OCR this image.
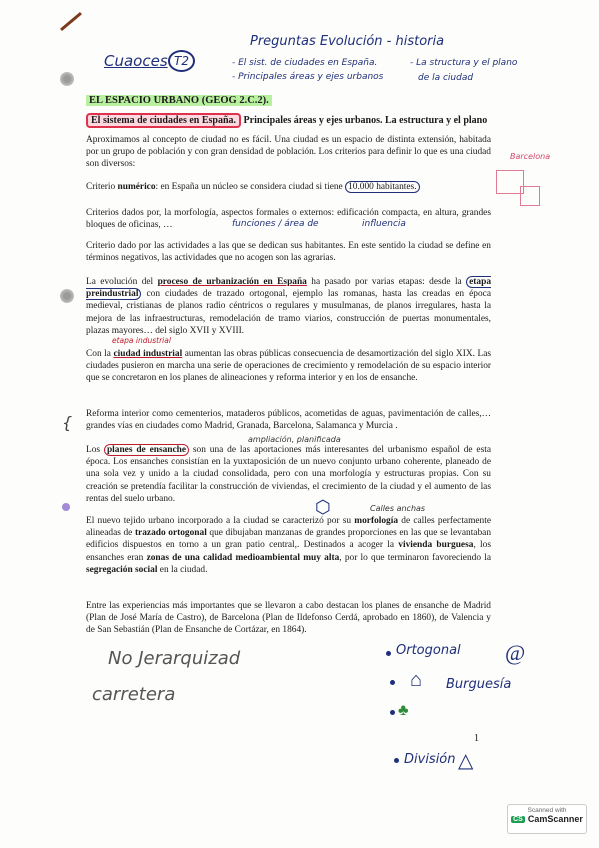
Cuaoces T2
Preguntas Evolución - historia
- El sist. de ciudades en España.	- La structura y el plano
- Principales áreas y ejes urbanos	de la ciudad
EL ESPACIO URBANO (GEOG 2.C.2).
El sistema de ciudades en España. Principales áreas y ejes urbanos. La estructura y el plano
Aproximamos al concepto de ciudad no es fácil. Una ciudad es un espacio de distinta extensión, habitada por un grupo de población y con gran densidad de población. Los criterios para definir lo que es una ciudad son diversos:
Criterio numérico: en España un núcleo se considera ciudad si tiene 10.000 habitantes.
Criterios dados por, la morfología, aspectos formales o externos: edificación compacta, en altura, grandes bloques de oficinas, …
Criterio dado por las actividades a las que se dedican sus habitantes. En este sentido la ciudad se define en términos negativos, las actividades que no acogen son las agrarias.
La evolución del proceso de urbanización en España ha pasado por varias etapas: desde la etapa preindustrial con ciudades de trazado ortogonal, ejemplo las romanas, hasta las creadas en época medieval, cristianas de planos radio céntricos o regulares y musulmanas, de planos irregulares, hasta la mejora de las infraestructuras, remodelación de tramo viarios, construcción de puertas monumentales, plazas mayores… del siglo XVII y XVIII.
Con la ciudad industrial aumentan las obras públicas consecuencia de desamortización del siglo XIX. Las ciudades pusieron en marcha una serie de operaciones de crecimiento y remodelación de su espacio interior que se concretaron en los planes de alineaciones y reforma interior y en los de ensanche.
Reforma interior como cementerios, mataderos públicos, acometidas de aguas, pavimentación de calles,… grandes vías en ciudades como Madrid, Granada, Barcelona, Salamanca y Murcia .
Los planes de ensanche son una de las aportaciones más interesantes del urbanismo español de esta época. Los ensanches consistían en la yuxtaposición de un nuevo conjunto urbano coherente, planeado de una sola vez y unido a la ciudad consolidada, pero con una morfología y estructuras propias. Con su creación se pretendía facilitar la construcción de viviendas, el crecimiento de la ciudad y el aumento de las rentas del suelo urbano.
El nuevo tejido urbano incorporado a la ciudad se caracterizó por su morfología de calles perfectamente alineadas de trazado ortogonal que dibujaban manzanas de grandes proporciones en las que se levantaban edificios dispuestos en torno a un gran patio central,. Destinados a acoger la vivienda burguesa, los ensanches eran zonas de una calidad medioambiental muy alta, por lo que terminaron favoreciendo la segregación social en la ciudad.
Entre las experiencias más importantes que se llevaron a cabo destacan los planes de ensanche de Madrid (Plan de José María de Castro), de Barcelona (Plan de Ildefonso Cerdá, aprobado en 1860), de Valencia y de San Sebastián (Plan de Ensanche de Cortázar, en 1864).
Barcelona
funciones / área de	influencia
etapa industrial
ampliación, planificada
Calles anchas
⬡
{
No Jerarquizad
carretera
Ortogonal
Burguesía
⌂
♣
División △
@
1
Scanned with
CS CamScanner
